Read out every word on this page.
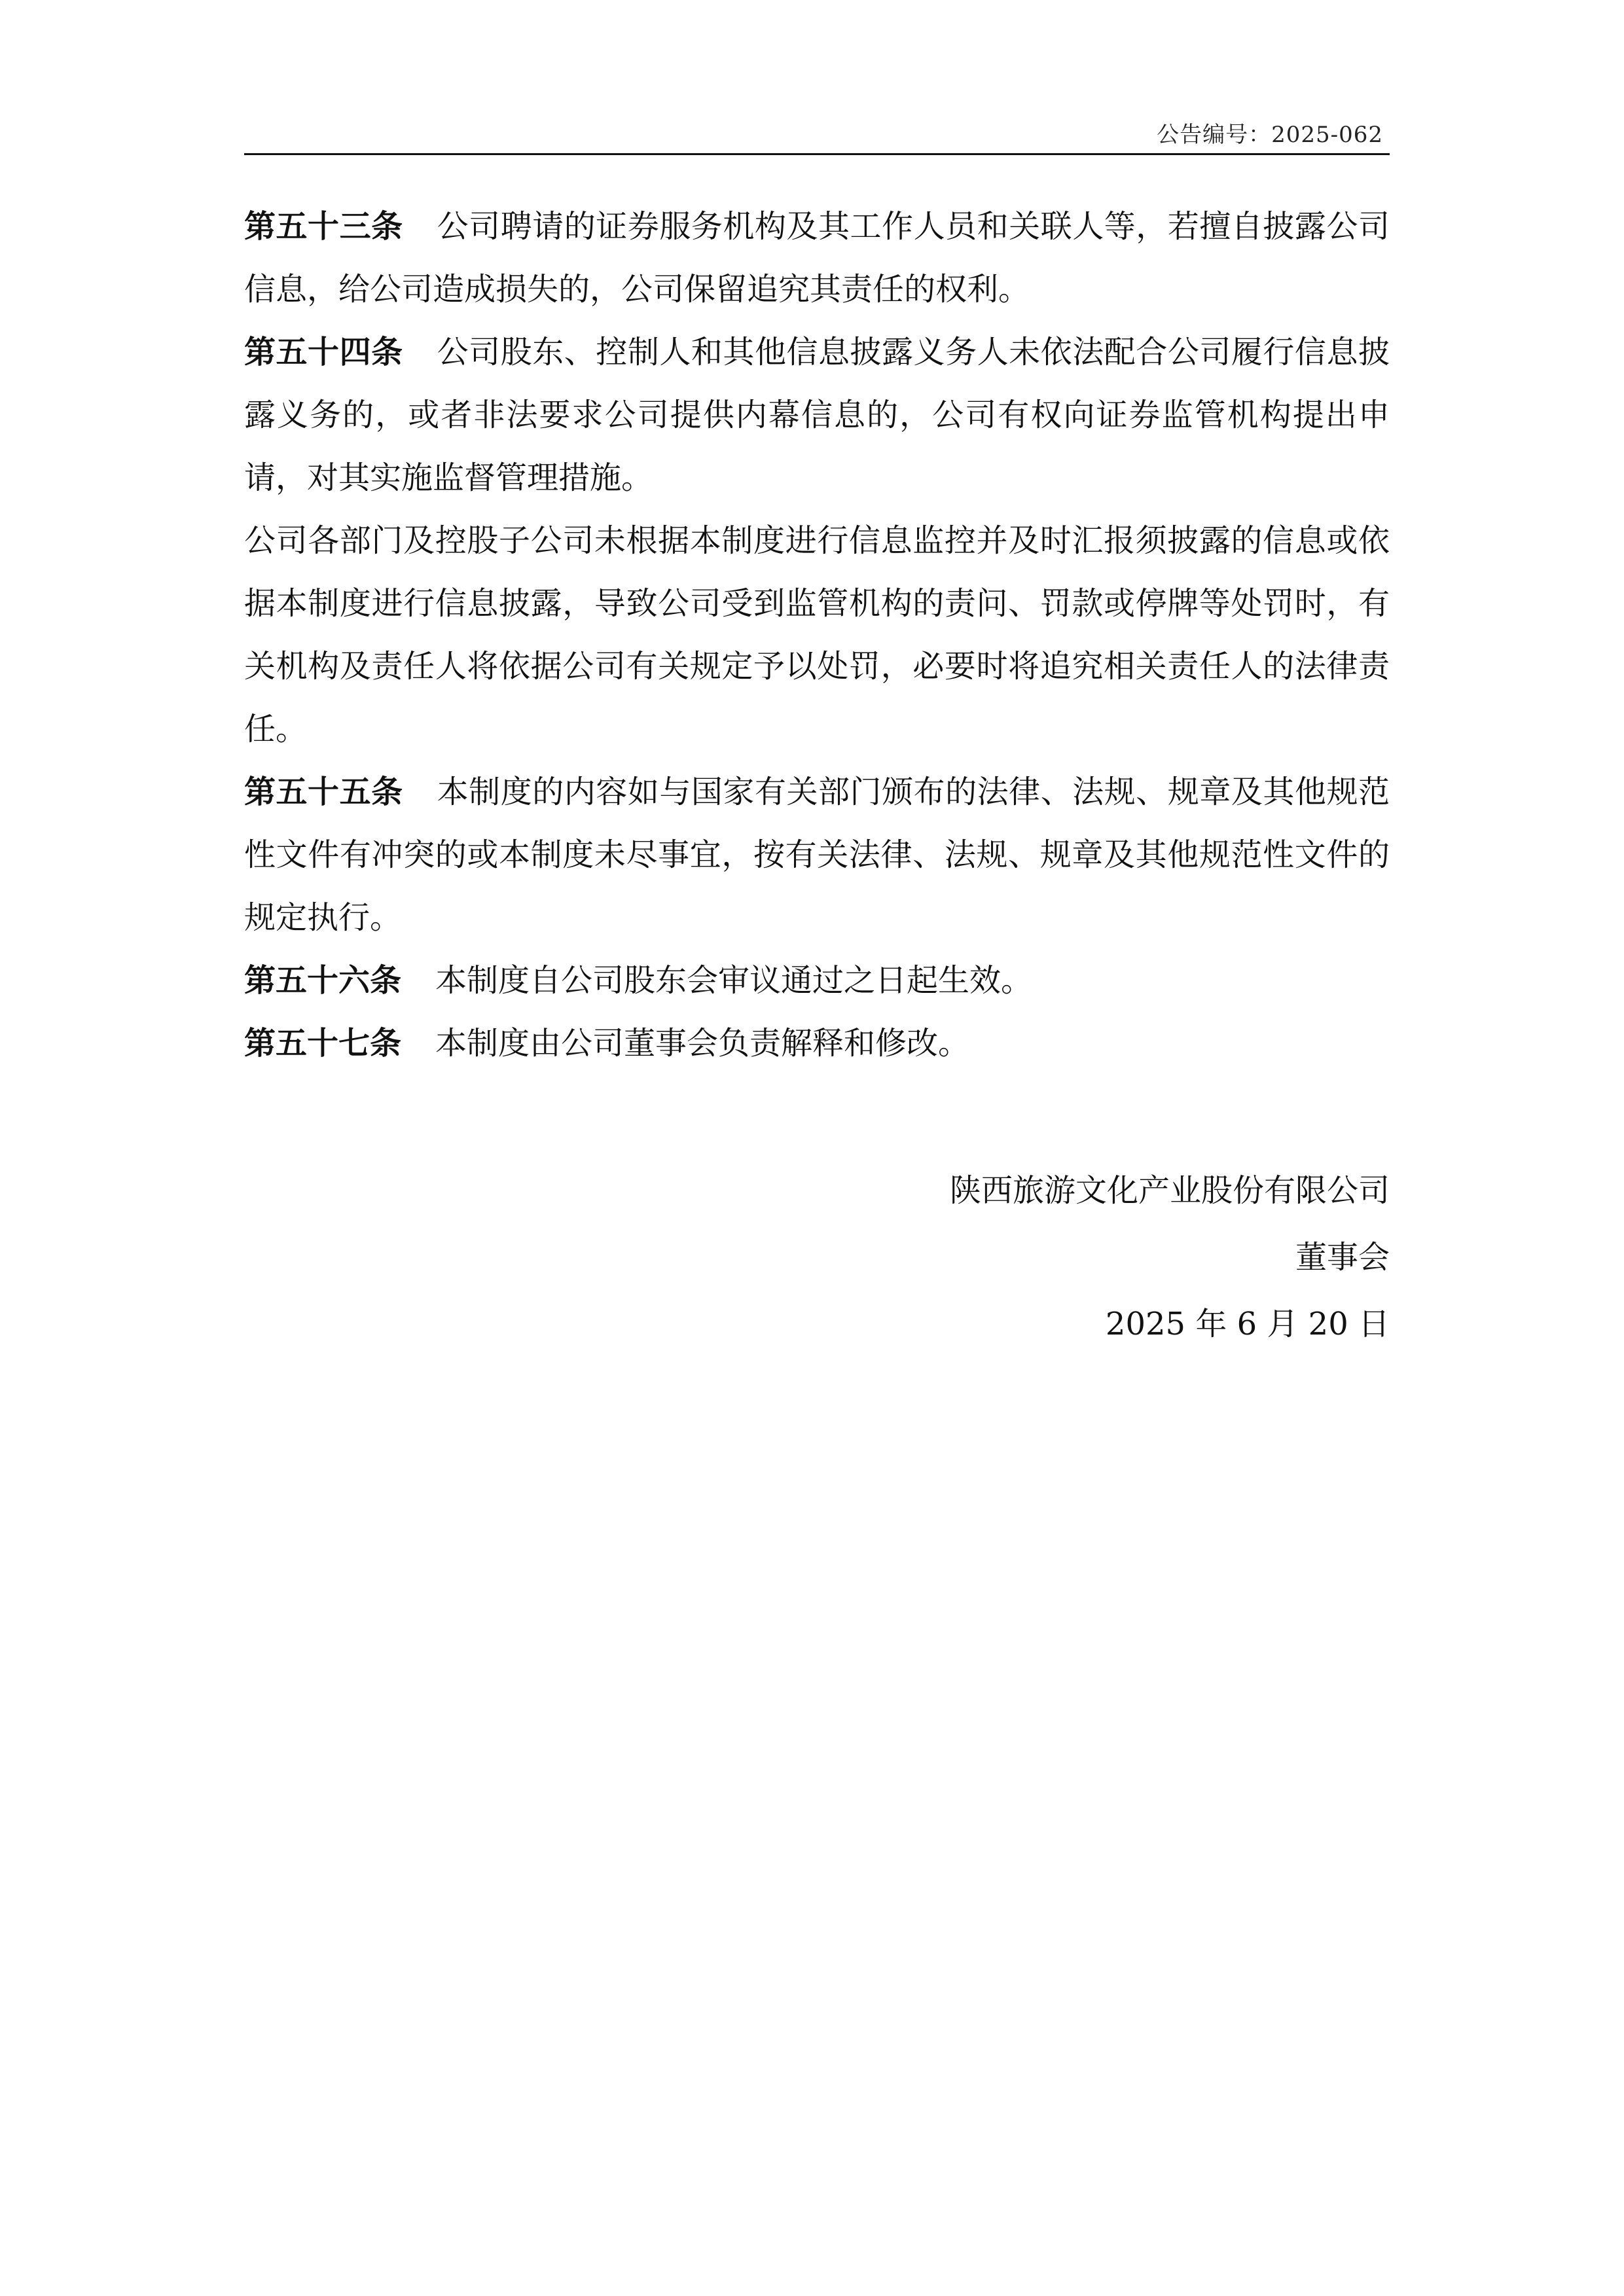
公告编号：2025-062

第五十三条 公司聘请的证券服务机构及其工作人员和关联人等，若擅自披露公司信息，给公司造成损失的，公司保留追究其责任的权利。

第五十四条 公司股东、控制人和其他信息披露义务人未依法配合公司履行信息披露义务的，或者非法要求公司提供内幕信息的，公司有权向证券监管机构提出申请，对其实施监督管理措施。

公司各部门及控股子公司未根据本制度进行信息监控并及时汇报须披露的信息或依据本制度进行信息披露，导致公司受到监管机构的责问、罚款或停牌等处罚时，有关机构及责任人将依据公司有关规定予以处罚，必要时将追究相关责任人的法律责任。

第五十五条 本制度的内容如与国家有关部门颁布的法律、法规、规章及其他规范性文件有冲突的或本制度未尽事宜，按有关法律、法规、规章及其他规范性文件的规定执行。

第五十六条 本制度自公司股东会审议通过之日起生效。

第五十七条 本制度由公司董事会负责解释和修改。

陕西旅游文化产业股份有限公司
董事会
2025 年 6 月 20 日
